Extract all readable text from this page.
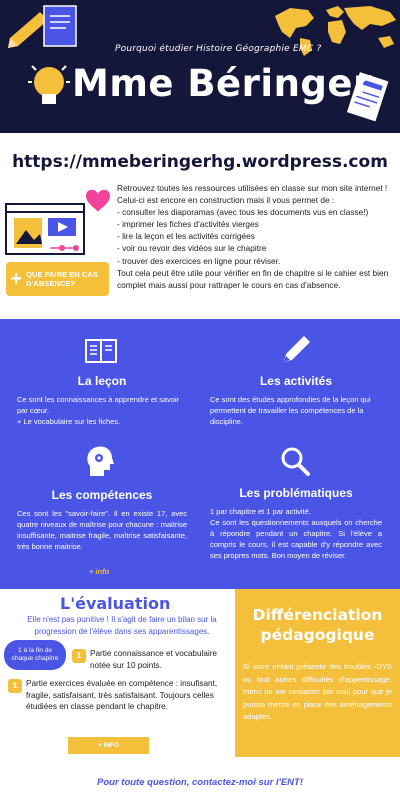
Pourquoi étudier Histoire Géographie EMC ?
Mme Béringer
https://mmeberingerhg.wordpress.com
+ QUE FAIRE EN CAS D'ABSENCE?
Retrouvez toutes les ressources utilisées en classe sur mon site internet ! Celui-ci est encore en construction mais il vous permet de :
- consulter les diaporamas (avec tous les documents vus en classe!)
- imprimer les fiches d'activités vierges
- lire la leçon et les activités corrigées
- voir ou revoir des vidéos sur le chapitre
- trouver des exercices en ligne pour réviser.
Tout cela peut être utile pour vérifier en fin de chapitre si le cahier est bien complet mais aussi pour rattraper le cours en cas d'absence.
La leçon

Ce sont les connaissances à apprendre et savoir par cœur.

+ Le vocabulaire sur les fiches.

Les activités

Ce sont des études approfondies de la leçon qui permettent de travailler les compétences de la discipline.

Les compétences

Ces sont les "savoir-faire". Il en existe 17, avec quatre niveaux de maîtrise pour chacune : maitrise insuffisante, maitrise fragile, maîtrise satisfaisante, très bonne maitrise.

+ info
Les problématiques

1 par chapitre et 1 par activité.

Ce sont les questionnements auxquels on cherche à répondre pendant un chapitre. Si l'élève a compris le cours, il est capable d'y répondre avec ses propres mots. Bon moyen de réviser.

L'évaluation
Elle n'est pas punitive ! Il s'agit de faire un bilan sur la progression de l'élève dans ses apparentissages.
1 à la fin de chaque chapitre	1	Partie connaissance et vocabulaire notée sur 10 points.
1	Partie exercices évaluée en compétence : insufisant, fragile, satisfaisant, très satisfaisant. Toujours celles étudiées en classe pendant le chapitre.
+ INFO
Différenciation pédagogique

Si votre enfant présente des troubles -DYS ou tout autres difficultés d'appentissage, merci de me contacter par mail pour que je puisse mettre en place des aménagements adaptés.

Pour toute question, contactez-moi sur l'ENT!
